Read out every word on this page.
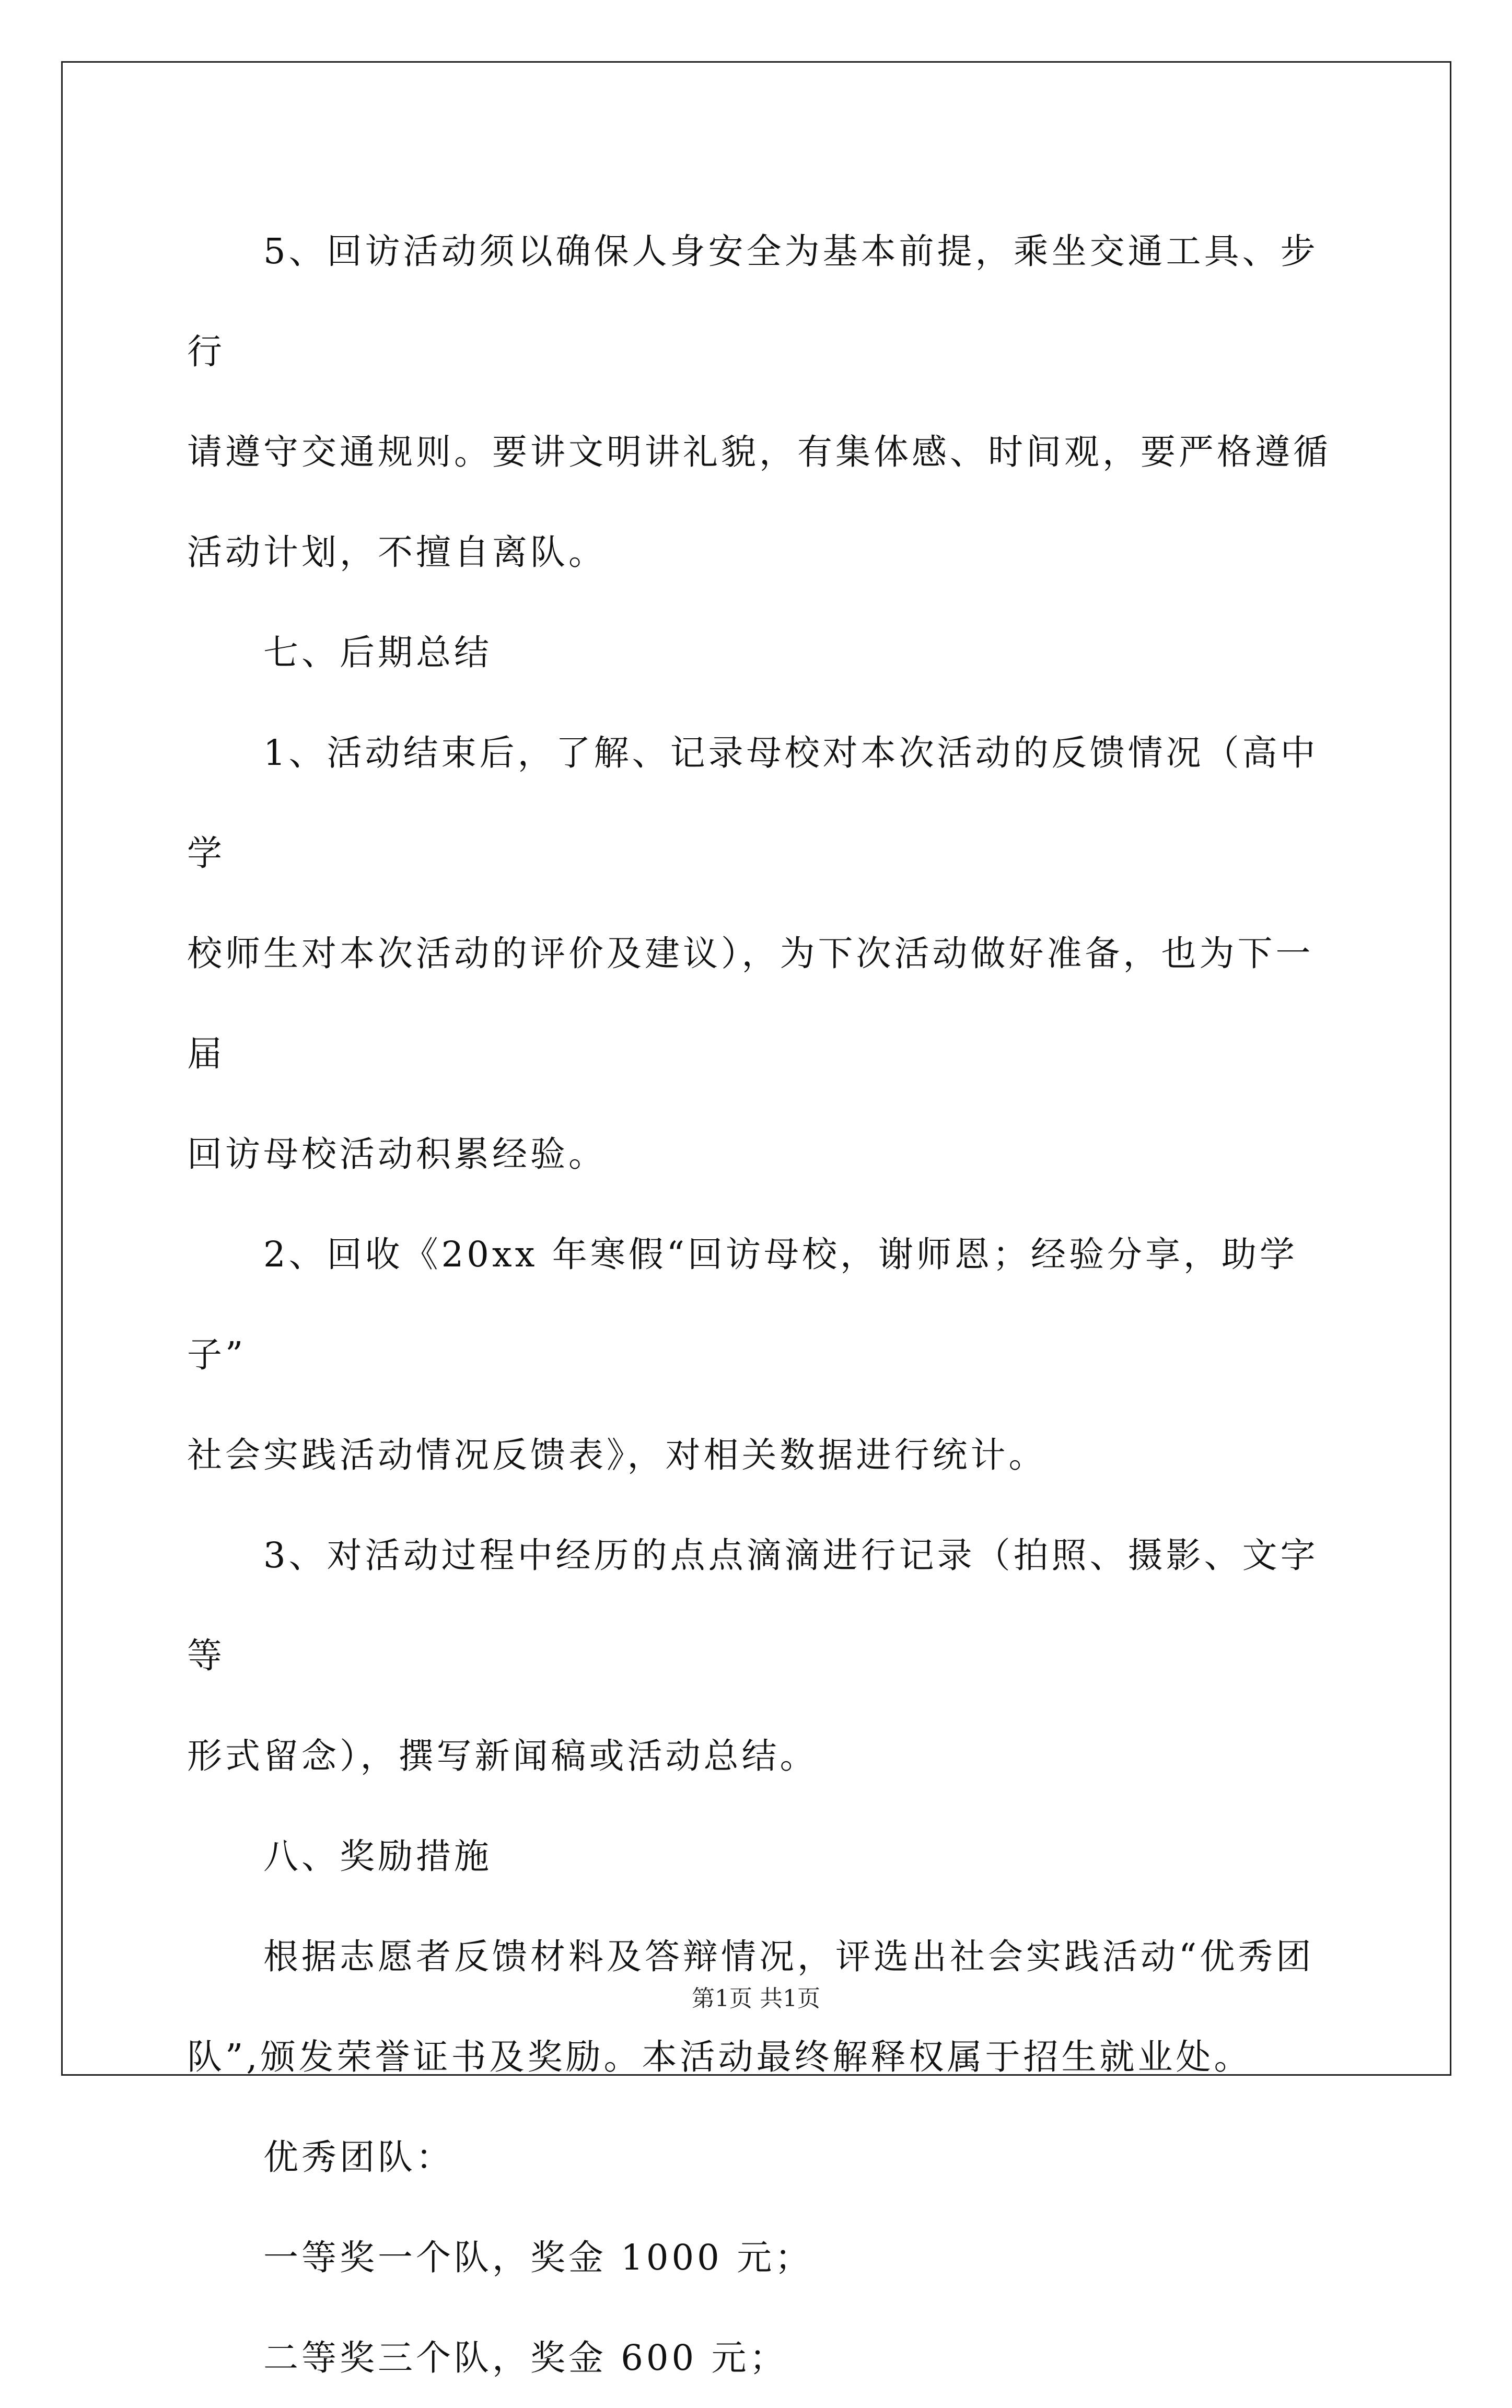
5、回访活动须以确保人身安全为基本前提，乘坐交通工具、步行
请遵守交通规则。要讲文明讲礼貌，有集体感、时间观，要严格遵循
活动计划，不擅自离队。

七、后期总结

1、活动结束后，了解、记录母校对本次活动的反馈情况（高中学
校师生对本次活动的评价及建议），为下次活动做好准备，也为下一届
回访母校活动积累经验。

2、回收《20xx 年寒假“回访母校，谢师恩；经验分享，助学子”
社会实践活动情况反馈表》，对相关数据进行统计。

3、对活动过程中经历的点点滴滴进行记录（拍照、摄影、文字等
形式留念），撰写新闻稿或活动总结。

八、奖励措施

根据志愿者反馈材料及答辩情况，评选出社会实践活动“优秀团
队”,颁发荣誉证书及奖励。本活动最终解释权属于招生就业处。

优秀团队：

一等奖一个队，奖金 1000 元；

二等奖三个队，奖金 600 元；

第1页 共1页
